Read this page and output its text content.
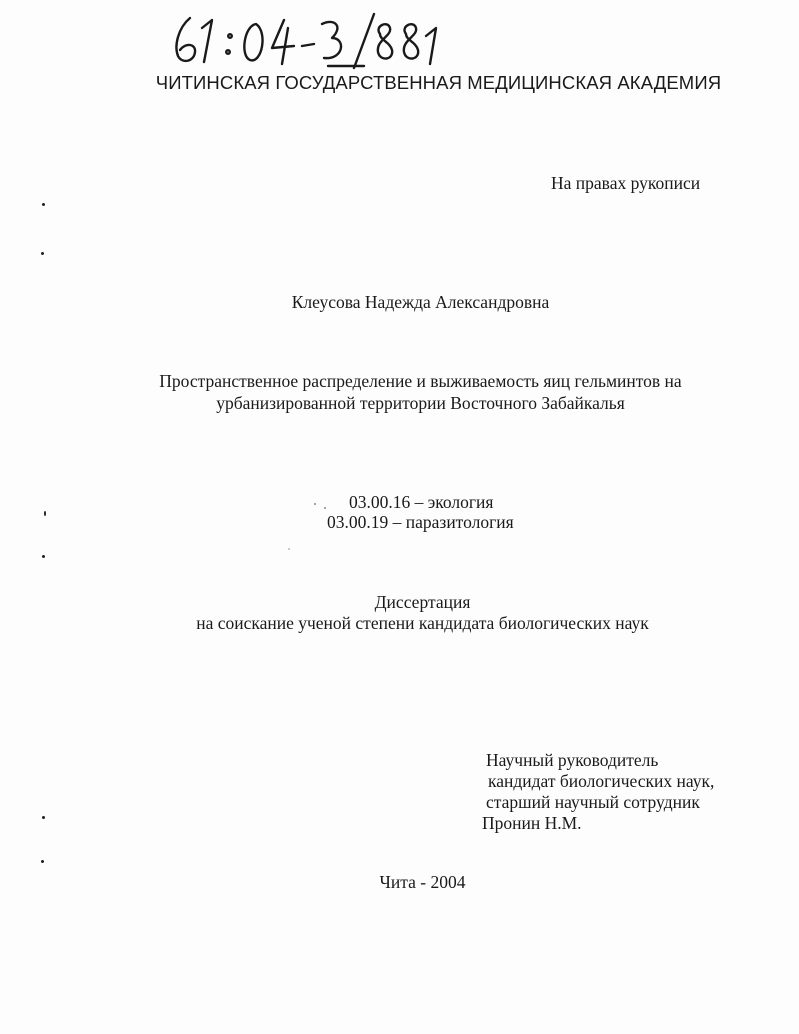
ЧИТИНСКАЯ ГОСУДАРСТВЕННАЯ МЕДИЦИНСКАЯ АКАДЕМИЯ
На правах рукописи
Клеусова Надежда Александровна
Пространственное распределение и выживаемость яиц гельминтов на
урбанизированной территории Восточного Забайкалья
03.00.16 – экология
03.00.19 – паразитология
Диссертация
на соискание ученой степени кандидата биологических наук
Научный руководитель
кандидат биологических наук,
старший научный сотрудник
Пронин Н.М.
Чита - 2004
